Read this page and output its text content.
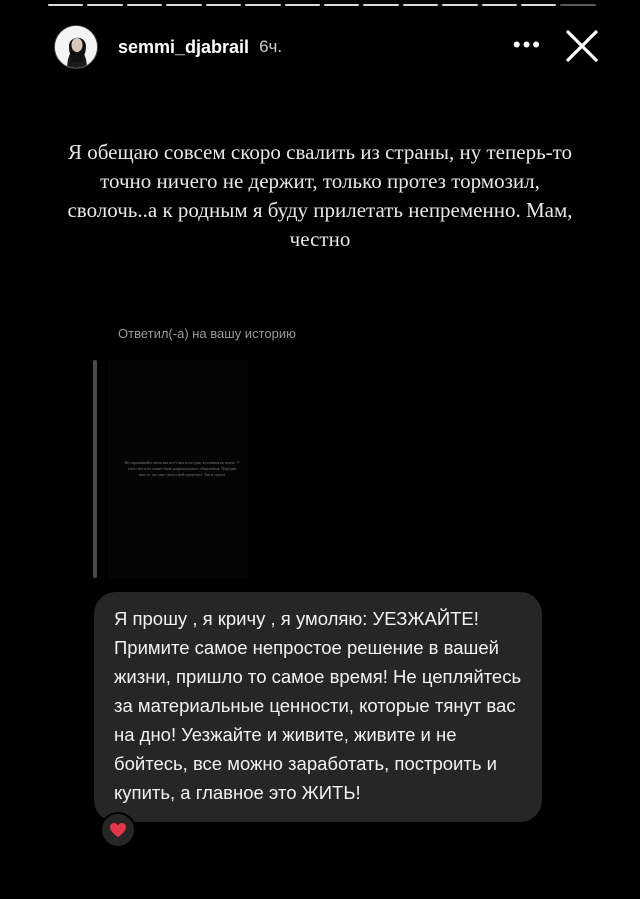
semmi_djabrail 6ч.	•••
Я обещаю совсем скоро свалить из страны, ну теперь-то точно ничего не держит, только протез тормозил, сволочь..а к родным я буду прилетать непременно. Мам, честно
Ответил(-а) на вашу историю
Не спрашивайте меня как все-таки я сегодня, я понятия не имею. У этого нет и не может быть рационального объяснения. Передаю вам то, что мне сказал мой протезист. Так и сказал
Я прошу , я кричу , я умоляю: УЕЗЖАЙТЕ! Примите самое непростое решение в вашей жизни, пришло то самое время! Не цепляйтесь за материальные ценности, которые тянут вас на дно! Уезжайте и живите, живите и не бойтесь, все можно заработать, построить и купить, а главное это ЖИТЬ!
